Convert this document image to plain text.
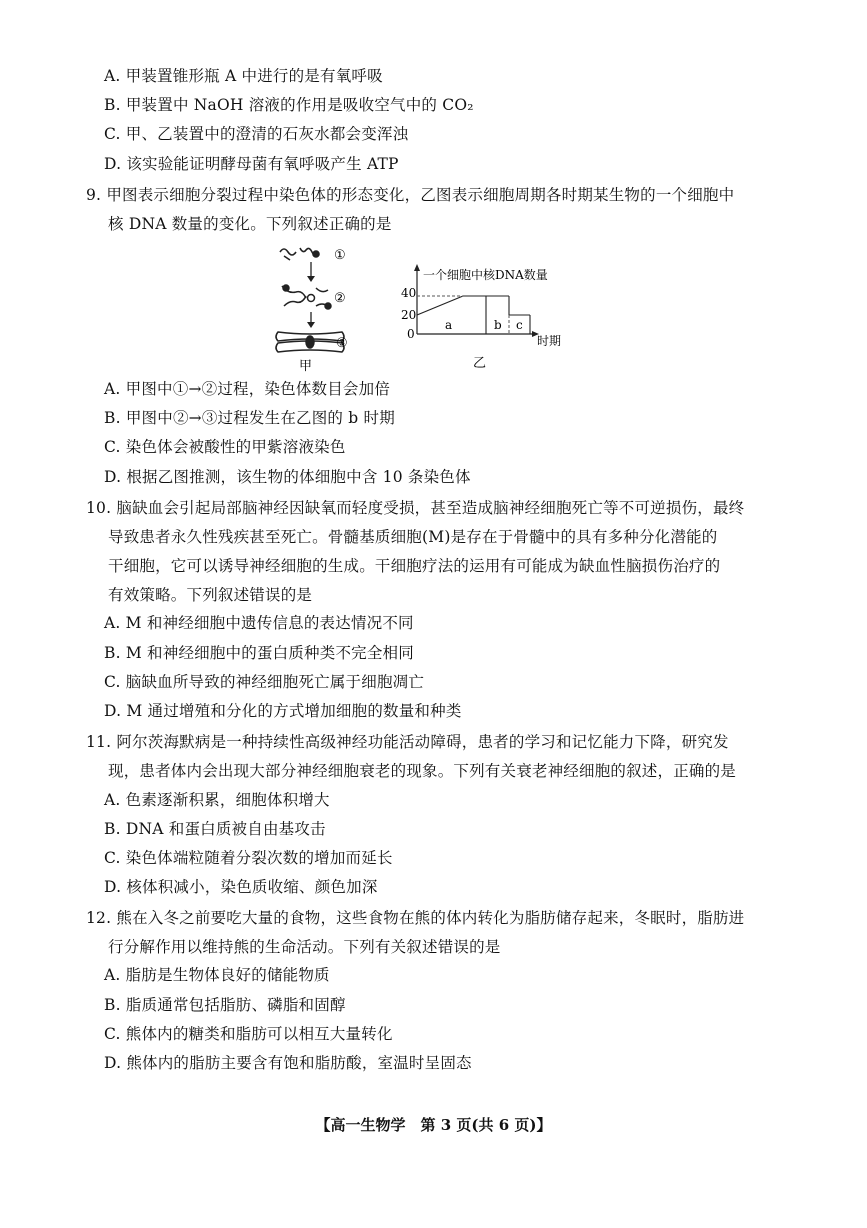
A. 甲装置锥形瓶 A 中进行的是有氧呼吸
B. 甲装置中 NaOH 溶液的作用是吸收空气中的 CO₂
C. 甲、乙装置中的澄清的石灰水都会变浑浊
D. 该实验能证明酵母菌有氧呼吸产生 ATP
9. 甲图表示细胞分裂过程中染色体的形态变化，乙图表示细胞周期各时期某生物的一个细胞中
核 DNA 数量的变化。下列叙述正确的是
①
②
③
甲
一个细胞中核DNA数量
40
20
0
a	b c
时期
乙
A. 甲图中①→②过程，染色体数目会加倍
B. 甲图中②→③过程发生在乙图的 b 时期
C. 染色体会被酸性的甲紫溶液染色
D. 根据乙图推测，该生物的体细胞中含 10 条染色体
10. 脑缺血会引起局部脑神经因缺氧而轻度受损，甚至造成脑神经细胞死亡等不可逆损伤，最终
导致患者永久性残疾甚至死亡。骨髓基质细胞(M)是存在于骨髓中的具有多种分化潜能的
干细胞，它可以诱导神经细胞的生成。干细胞疗法的运用有可能成为缺血性脑损伤治疗的
有效策略。下列叙述错误的是
A. M 和神经细胞中遗传信息的表达情况不同
B. M 和神经细胞中的蛋白质种类不完全相同
C. 脑缺血所导致的神经细胞死亡属于细胞凋亡
D. M 通过增殖和分化的方式增加细胞的数量和种类
11. 阿尔茨海默病是一种持续性高级神经功能活动障碍，患者的学习和记忆能力下降，研究发
现，患者体内会出现大部分神经细胞衰老的现象。下列有关衰老神经细胞的叙述，正确的是
A. 色素逐渐积累，细胞体积增大
B. DNA 和蛋白质被自由基攻击
C. 染色体端粒随着分裂次数的增加而延长
D. 核体积减小，染色质收缩、颜色加深
12. 熊在入冬之前要吃大量的食物，这些食物在熊的体内转化为脂肪储存起来，冬眠时，脂肪进
行分解作用以维持熊的生命活动。下列有关叙述错误的是
A. 脂肪是生物体良好的储能物质
B. 脂质通常包括脂肪、磷脂和固醇
C. 熊体内的糖类和脂肪可以相互大量转化
D. 熊体内的脂肪主要含有饱和脂肪酸，室温时呈固态
【高一生物学　第 3 页(共 6 页)】
